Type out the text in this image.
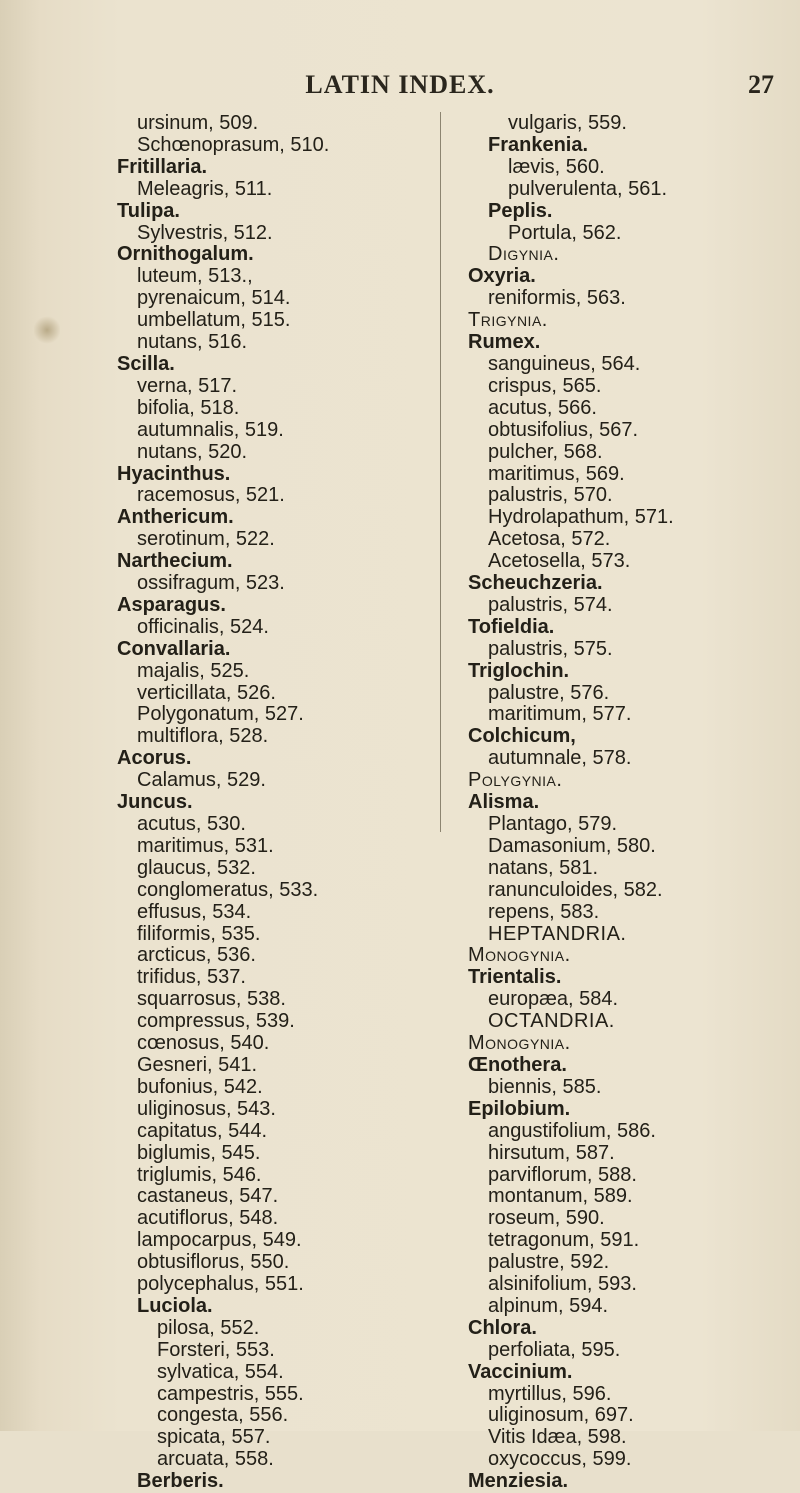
LATIN INDEX.	27
ursinum, 509.
Schœnoprasum, 510.
Fritillaria.
Meleagris, 511.
Tulipa.
Sylvestris, 512.
Ornithogalum.
luteum, 513.,
pyrenaicum, 514.
umbellatum, 515.
nutans, 516.
Scilla.
verna, 517.
bifolia, 518.
autumnalis, 519.
nutans, 520.
Hyacinthus.
racemosus, 521.
Anthericum.
serotinum, 522.
Narthecium.
ossifragum, 523.
Asparagus.
officinalis, 524.
Convallaria.
majalis, 525.
verticillata, 526.
Polygonatum, 527.
multiflora, 528.
Acorus.
Calamus, 529.
Juncus.
acutus, 530.
maritimus, 531.
glaucus, 532.
conglomeratus, 533.
effusus, 534.
filiformis, 535.
arcticus, 536.
trifidus, 537.
squarrosus, 538.
compressus, 539.
cœnosus, 540.
Gesneri, 541.
bufonius, 542.
uliginosus, 543.
capitatus, 544.
biglumis, 545.
triglumis, 546.
castaneus, 547.
acutiflorus, 548.
lampocarpus, 549.
obtusiflorus, 550.
polycephalus, 551.
Luciola.
pilosa, 552.
Forsteri, 553.
sylvatica, 554.
campestris, 555.
congesta, 556.
spicata, 557.
arcuata, 558.
Berberis.
vulgaris, 559.
Frankenia.
lævis, 560.
pulverulenta, 561.
Peplis.
Portula, 562.
Digynia.
Oxyria.
reniformis, 563.
Trigynia.
Rumex.
sanguineus, 564.
crispus, 565.
acutus, 566.
obtusifolius, 567.
pulcher, 568.
maritimus, 569.
palustris, 570.
Hydrolapathum, 571.
Acetosa, 572.
Acetosella, 573.
Scheuchzeria.
palustris, 574.
Tofieldia.
palustris, 575.
Triglochin.
palustre, 576.
maritimum, 577.
Colchicum,
autumnale, 578.
Polygynia.
Alisma.
Plantago, 579.
Damasonium, 580.
natans, 581.
ranunculoides, 582.
repens, 583.
HEPTANDRIA.
Monogynia.
Trientalis.
europæa, 584.
OCTANDRIA.
Monogynia.
Œnothera.
biennis, 585.
Epilobium.
angustifolium, 586.
hirsutum, 587.
parviflorum, 588.
montanum, 589.
roseum, 590.
tetragonum, 591.
palustre, 592.
alsinifolium, 593.
alpinum, 594.
Chlora.
perfoliata, 595.
Vaccinium.
myrtillus, 596.
uliginosum, 697.
Vitis Idæa, 598.
oxycoccus, 599.
Menziesia.
